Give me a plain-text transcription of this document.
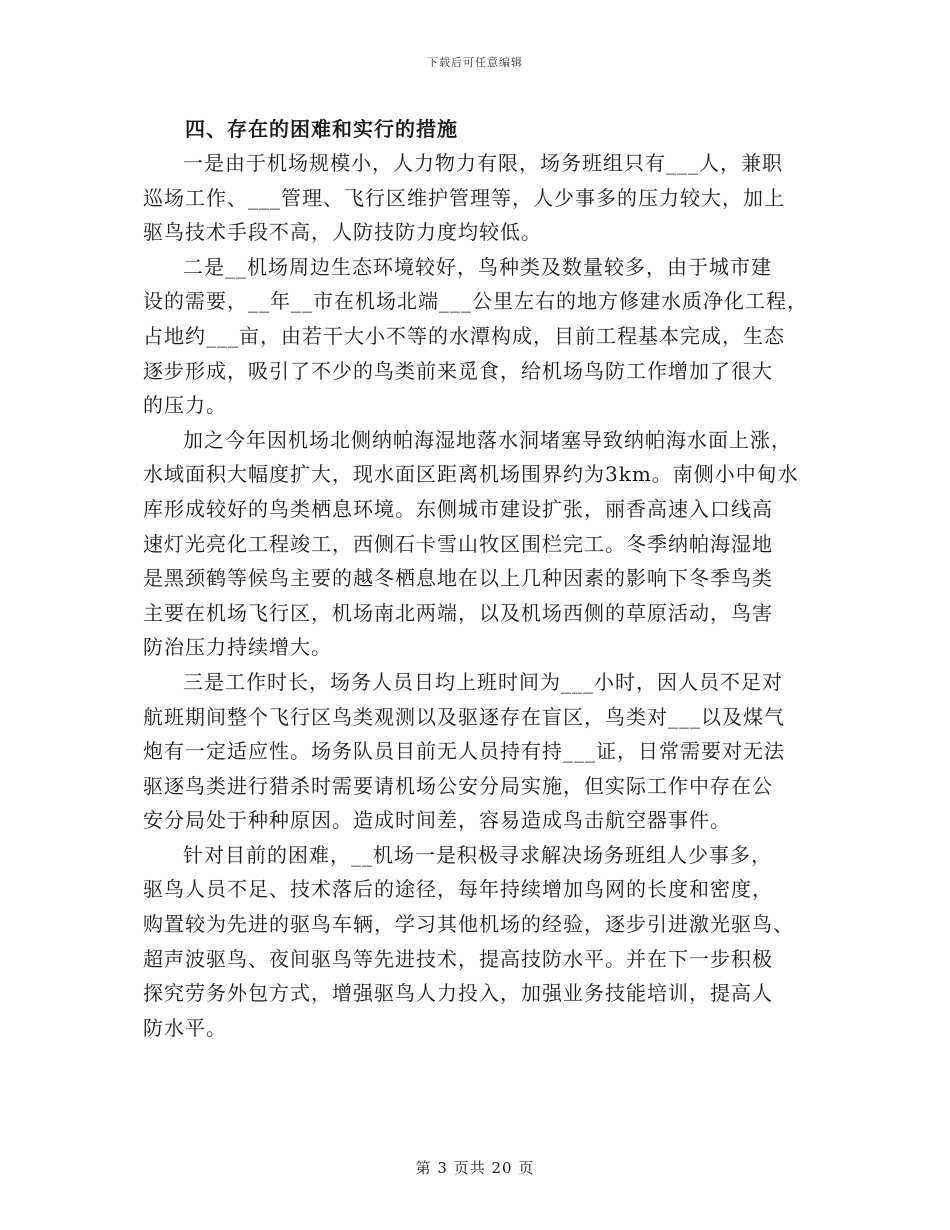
下载后可任意编辑
四、存在的困难和实行的措施

一是由于机场规模小，人力物力有限，场务班组只有___人，兼职
巡场工作、___管理、飞行区维护管理等，人少事多的压力较大，加上
驱鸟技术手段不高，人防技防力度均较低。

二是__机场周边生态环境较好，鸟种类及数量较多，由于城市建
设的需要，__年__市在机场北端___公里左右的地方修建水质净化工程，
占地约___亩，由若干大小不等的水潭构成，目前工程基本完成，生态
逐步形成，吸引了不少的鸟类前来觅食，给机场鸟防工作增加了很大
的压力。

加之今年因机场北侧纳帕海湿地落水洞堵塞导致纳帕海水面上涨，
水域面积大幅度扩大，现水面区距离机场围界约为3km。南侧小中甸水
库形成较好的鸟类栖息环境。东侧城市建设扩张，丽香高速入口线高
速灯光亮化工程竣工，西侧石卡雪山牧区围栏完工。冬季纳帕海湿地
是黑颈鹤等候鸟主要的越冬栖息地在以上几种因素的影响下冬季鸟类
主要在机场飞行区，机场南北两端，以及机场西侧的草原活动，鸟害
防治压力持续增大。

三是工作时长，场务人员日均上班时间为___小时，因人员不足对
航班期间整个飞行区鸟类观测以及驱逐存在盲区，鸟类对___以及煤气
炮有一定适应性。场务队员目前无人员持有持___证，日常需要对无法
驱逐鸟类进行猎杀时需要请机场公安分局实施，但实际工作中存在公
安分局处于种种原因。造成时间差，容易造成鸟击航空器事件。

针对目前的困难，__机场一是积极寻求解决场务班组人少事多，
驱鸟人员不足、技术落后的途径，每年持续增加鸟网的长度和密度，
购置较为先进的驱鸟车辆，学习其他机场的经验，逐步引进激光驱鸟、
超声波驱鸟、夜间驱鸟等先进技术，提高技防水平。并在下一步积极
探究劳务外包方式，增强驱鸟人力投入，加强业务技能培训，提高人
防水平。

第 3 页共 20 页
